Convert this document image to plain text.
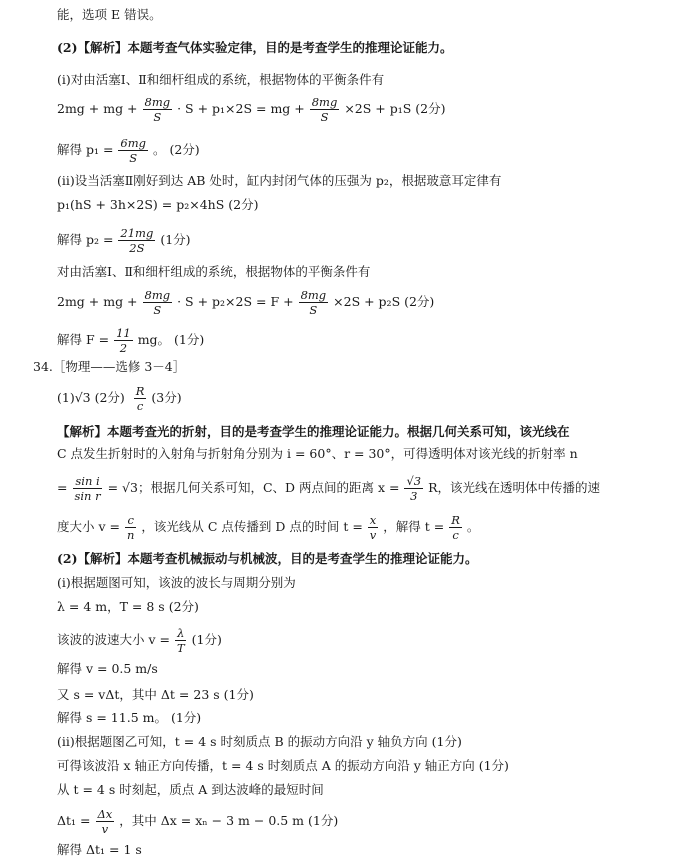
能，选项 E 错误。
(2)【解析】本题考查气体实验定律，目的是考查学生的推理论证能力。
(ⅰ)对由活塞Ⅰ、Ⅱ和细杆组成的系统，根据物体的平衡条件有
2mg + mg + $\frac{8mg}{S} \cdot S + p_1\times 2S$ = mg + $\frac{8mg}{S} \times 2S + p_1S$ (2分)
解得 $p_1 = \frac{6mg}{S}$ 。 (2分)
(ⅱ)设当活塞Ⅱ刚好到达 AB 处时，缸内封闭气体的压强为 p₂，根据玻意耳定律有
p₁(hS + 3h×2S) = p₂×4hS (2分)
解得 $p_2 = \frac{21mg}{2S} (1$分)
对由活塞Ⅰ、Ⅱ和细杆组成的系统，根据物体的平衡条件有
2mg + mg + $\frac{8mg}{S} \cdot S + p_2\times 2S = F + \frac{8mg}{S} \times 2S + p_2S$ (2分)
解得 $F = \frac{11}{2}$ mg。 (1分)
34.［物理——选修 3－4］
(1)√3 (2分) $\frac{R}{c} (3$分)
【解析】本题考查光的折射，目的是考查学生的推理论证能力。根据几何关系可知，该光线在
C 点发生折射时的入射角与折射角分别为 i = 60°、r = 30°，可得透明体对该光线的折射率 n
= $\frac{\text{sin i}}{\text{sin r}} = √3$；根据几何关系可知，C、D 两点间的距离 $x = \frac{√3}{3}$ R，该光线在透明体中传播的速
度大小 $v = \frac{c}{n}$ ，该光线从 C 点传播到 D 点的时间 $t = \frac{x}{v}$ ，解得 $t = \frac{R}{c}$ 。
(2)【解析】本题考查机械振动与机械波，目的是考查学生的推理论证能力。
(ⅰ)根据题图可知，该波的波长与周期分别为
λ = 4 m，T = 8 s (2分)
该波的波速大小 $v = \frac{\lambda}{T} (1$分)
解得 v = 0.5 m/s
又 s = vΔt，其中 Δt = 23 s (1分)
解得 s = 11.5 m。 (1分)
(ⅱ)根据题图乙可知，t = 4 s 时刻质点 B 的振动方向沿 y 轴负方向 (1分)
可得该波沿 x 轴正方向传播，t = 4 s 时刻质点 A 的振动方向沿 y 轴正方向 (1分)
从 t = 4 s 时刻起，质点 A 到达波峰的最短时间
$\Delta t_1 = \frac{\Delta x}{v}$ ，其中 Δx = xₙ − 3 m − 0.5 m (1分)
解得 Δt₁ = 1 s
